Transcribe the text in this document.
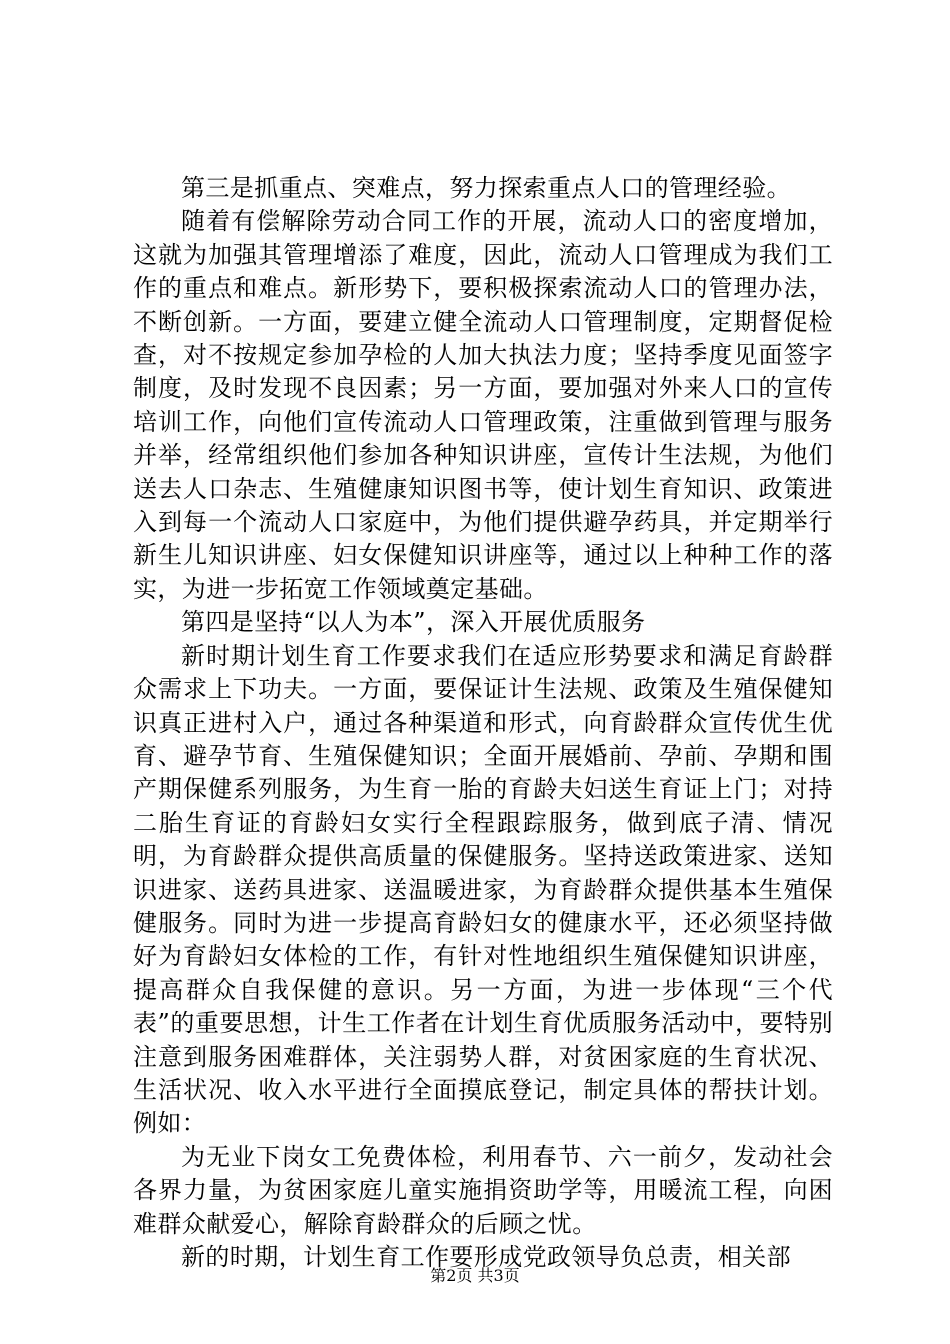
第三是抓重点、突难点，努力探索重点人口的管理经验。

随着有偿解除劳动合同工作的开展，流动人口的密度增加，这就为加强其管理增添了难度，因此，流动人口管理成为我们工作的重点和难点。新形势下，要积极探索流动人口的管理办法，不断创新。一方面，要建立健全流动人口管理制度，定期督促检查，对不按规定参加孕检的人加大执法力度；坚持季度见面签字制度，及时发现不良因素；另一方面，要加强对外来人口的宣传培训工作，向他们宣传流动人口管理政策，注重做到管理与服务并举，经常组织他们参加各种知识讲座，宣传计生法规，为他们送去人口杂志、生殖健康知识图书等，使计划生育知识、政策进入到每一个流动人口家庭中，为他们提供避孕药具，并定期举行新生儿知识讲座、妇女保健知识讲座等，通过以上种种工作的落实，为进一步拓宽工作领域奠定基础。

第四是坚持“以人为本”，深入开展优质服务

新时期计划生育工作要求我们在适应形势要求和满足育龄群众需求上下功夫。一方面，要保证计生法规、政策及生殖保健知识真正进村入户，通过各种渠道和形式，向育龄群众宣传优生优育、避孕节育、生殖保健知识；全面开展婚前、孕前、孕期和围产期保健系列服务，为生育一胎的育龄夫妇送生育证上门；对持二胎生育证的育龄妇女实行全程跟踪服务，做到底子清、情况明，为育龄群众提供高质量的保健服务。坚持送政策进家、送知识进家、送药具进家、送温暖进家，为育龄群众提供基本生殖保健服务。同时为进一步提高育龄妇女的健康水平，还必须坚持做好为育龄妇女体检的工作，有针对性地组织生殖保健知识讲座，提高群众自我保健的意识。另一方面，为进一步体现“三个代表”的重要思想，计生工作者在计划生育优质服务活动中，要特别注意到服务困难群体，关注弱势人群，对贫困家庭的生育状况、生活状况、收入水平进行全面摸底登记，制定具体的帮扶计划。例如：

为无业下岗女工免费体检，利用春节、六一前夕，发动社会各界力量，为贫困家庭儿童实施捐资助学等，用暖流工程，向困难群众献爱心，解除育龄群众的后顾之忧。

新的时期，计划生育工作要形成党政领导负总责，相关部

第2页 共3页
